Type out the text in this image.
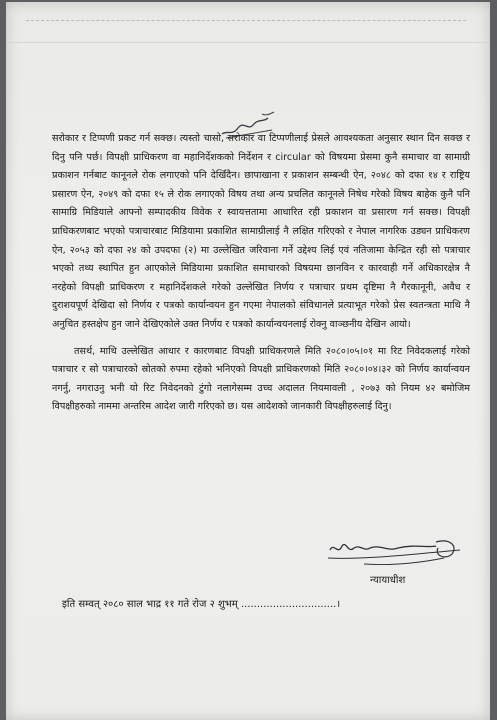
सरोकार र टिप्पणी प्रकट गर्न सक्छ। त्यस्तो चासो, सरोकार वा टिप्पणीलाई प्रेसले आवश्यकता अनुसार स्थान दिन सक्छ र दिनु पनि पर्छ। विपक्षी प्राधिकरण वा महानिर्देशकको निर्देशन र circular को विषयमा प्रेसमा कुनै समाचार वा सामाग्री प्रकाशन गर्नबाट कानूनले रोक लगाएको पनि देखिँदैन। छापाखाना र प्रकाशन सम्बन्धी ऐन, २०४८ को दफा १४ र राष्ट्रिय प्रसारण ऐन, २०४९ को दफा १५ ले रोक लगाएको विषय तथा अन्य प्रचलित कानूनले निषेध गरेको विषय बाहेक कुनै पनि सामाग्रि मिडियाले आफ्नो सम्पादकीय विवेक र स्वायत्ततामा आधारित रही प्रकाशन वा प्रसारण गर्न सक्छ। विपक्षी प्राधिकरणबाट भएको पत्राचारबाट मिडियामा प्रकाशित सामाग्रीलाई नै लक्षित गरिएको र नेपाल नागरिक उड्यन प्राधिकरण ऐन, २०५३ को दफा २४ को उपदफा (२) मा उल्लेखित जरिवाना गर्ने उद्देश्य लिई एवं नतिजामा केन्द्रित रही सो पत्राचार भएको तथ्य स्थापित हुन आएकोले मिडियामा प्रकाशित समाचारको विषयमा छानविन र कारवाही गर्ने अधिकारक्षेत्र नै नरहेको विपक्षी प्राधिकरण र महानिर्देशकले गरेको उल्लेखित निर्णय र पत्राचार प्रथम दृष्टिमा नै गैरकानूनी, अवैध र दुराशयपूर्ण देखिदा सो निर्णय र पत्रको कार्यान्वयन हुन गएमा नेपालको संविधानले प्रत्याभूत गरेको प्रेस स्वतन्त्रता माथि नै अनुचित हस्तक्षेप हुन जाने देखिएकोले उक्त निर्णय र पत्रको कार्यान्वयनलाई रोक्नु वाञ्छनीय देखिन आयो।

तसर्थ, माथि उल्लेखित आधार र कारणबाट विपक्षी प्राधिकरणले मिति २०८०।०५।०१ मा रिट निवेदकलाई गरेको पत्राचार र सो पत्राचारको स्रोतको रुपमा रहेको भनिएको विपक्षी प्राधिकरणको मिति २०८०।०४।३२ को निर्णय कार्यान्वयन नगर्नु, नगराउनु भनी यो रिट निवेदनको टुंगो नलागेसम्म उच्च अदालत नियमावली , २०७३ को नियम ४२ बमोजिम विपक्षीहरुको नाममा अन्तरिम आदेश जारी गरिएको छ। यस आदेशको जानकारी विपक्षीहरुलाई दिनु।

न्यायाधीश
इति सम्वत् २०८० साल भाद्र ११ गते रोज २ शुभम् ..............................।
